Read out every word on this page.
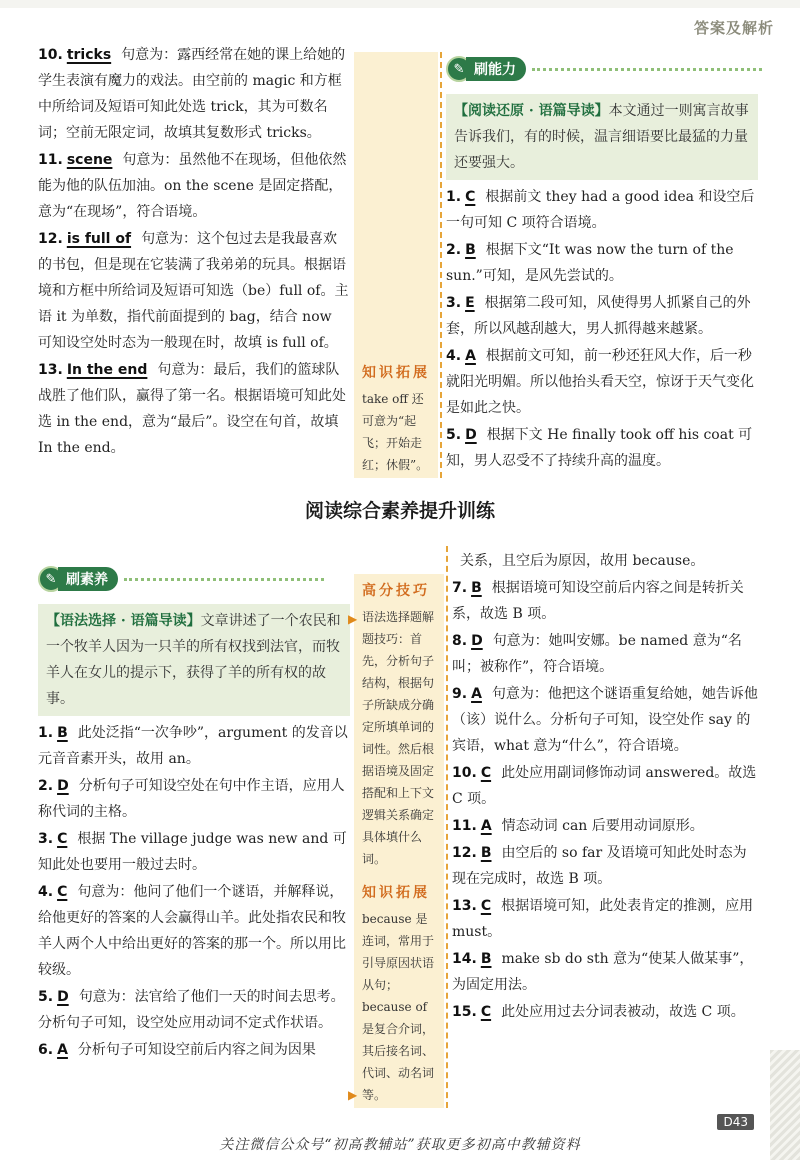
答案及解析
10. tricks 句意为：露西经常在她的课上给她的学生表演有魔力的戏法。由空前的 magic 和方框中所给词及短语可知此处选 trick，其为可数名词；空前无限定词，故填其复数形式 tricks。
11. scene 句意为：虽然他不在现场，但他依然能为他的队伍加油。on the scene 是固定搭配，意为“在现场”，符合语境。
12. is full of 句意为：这个包过去是我最喜欢的书包，但是现在它装满了我弟弟的玩具。根据语境和方框中所给词及短语可知选（be）full of。主语 it 为单数，指代前面提到的 bag，结合 now 可知设空处时态为一般现在时，故填 is full of。
13. In the end 句意为：最后，我们的篮球队战胜了他们队，赢得了第一名。根据语境可知此处选 in the end，意为“最后”。设空在句首，故填 In the end。
知识拓展
take off 还可意为“起飞；开始走红；休假”。
✎ 刷能力
【阅读还原 · 语篇导读】本文通过一则寓言故事告诉我们，有的时候，温言细语要比最猛的力量还要强大。
1. C 根据前文 they had a good idea 和设空后一句可知 C 项符合语境。
2. B 根据下文“It was now the turn of the sun.”可知，是风先尝试的。
3. E 根据第二段可知，风使得男人抓紧自己的外套，所以风越刮越大，男人抓得越来越紧。
4. A 根据前文可知，前一秒还狂风大作，后一秒就阳光明媚。所以他抬头看天空，惊讶于天气变化是如此之快。
5. D 根据下文 He finally took off his coat 可知，男人忍受不了持续升高的温度。
阅读综合素养提升训练
✎ 刷素养
【语法选择 · 语篇导读】文章讲述了一个农民和一个牧羊人因为一只羊的所有权找到法官，而牧羊人在女儿的提示下，获得了羊的所有权的故事。
1. B 此处泛指“一次争吵”，argument 的发音以元音音素开头，故用 an。
2. D 分析句子可知设空处在句中作主语，应用人称代词的主格。
3. C 根据 The village judge was new and 可知此处也要用一般过去时。
4. C 句意为：他问了他们一个谜语，并解释说，给他更好的答案的人会赢得山羊。此处指农民和牧羊人两个人中给出更好的答案的那一个。所以用比较级。
5. D 句意为：法官给了他们一天的时间去思考。分析句子可知，设空处应用动词不定式作状语。
6. A 分析句子可知设空前后内容之间为因果
高分技巧
语法选择题解题技巧：首先，分析句子结构，根据句子所缺成分确定所填单词的词性。然后根据语境及固定搭配和上下文逻辑关系确定具体填什么词。
知识拓展
because 是连词，常用于引导原因状语从句；because of 是复合介词，其后接名词、代词、动名词等。
▶
▶
关系，且空后为原因，故用 because。
7. B 根据语境可知设空前后内容之间是转折关系，故选 B 项。
8. D 句意为：她叫安娜。be named 意为“名叫；被称作”，符合语境。
9. A 句意为：他把这个谜语重复给她，她告诉他（该）说什么。分析句子可知，设空处作 say 的宾语，what 意为“什么”，符合语境。
10. C 此处应用副词修饰动词 answered。故选 C 项。
11. A 情态动词 can 后要用动词原形。
12. B 由空后的 so far 及语境可知此处时态为现在完成时，故选 B 项。
13. C 根据语境可知，此处表肯定的推测，应用 must。
14. B make sb do sth 意为“使某人做某事”，为固定用法。
15. C 此处应用过去分词表被动，故选 C 项。
D43
关注微信公众号“初高教辅站”获取更多初高中教辅资料
